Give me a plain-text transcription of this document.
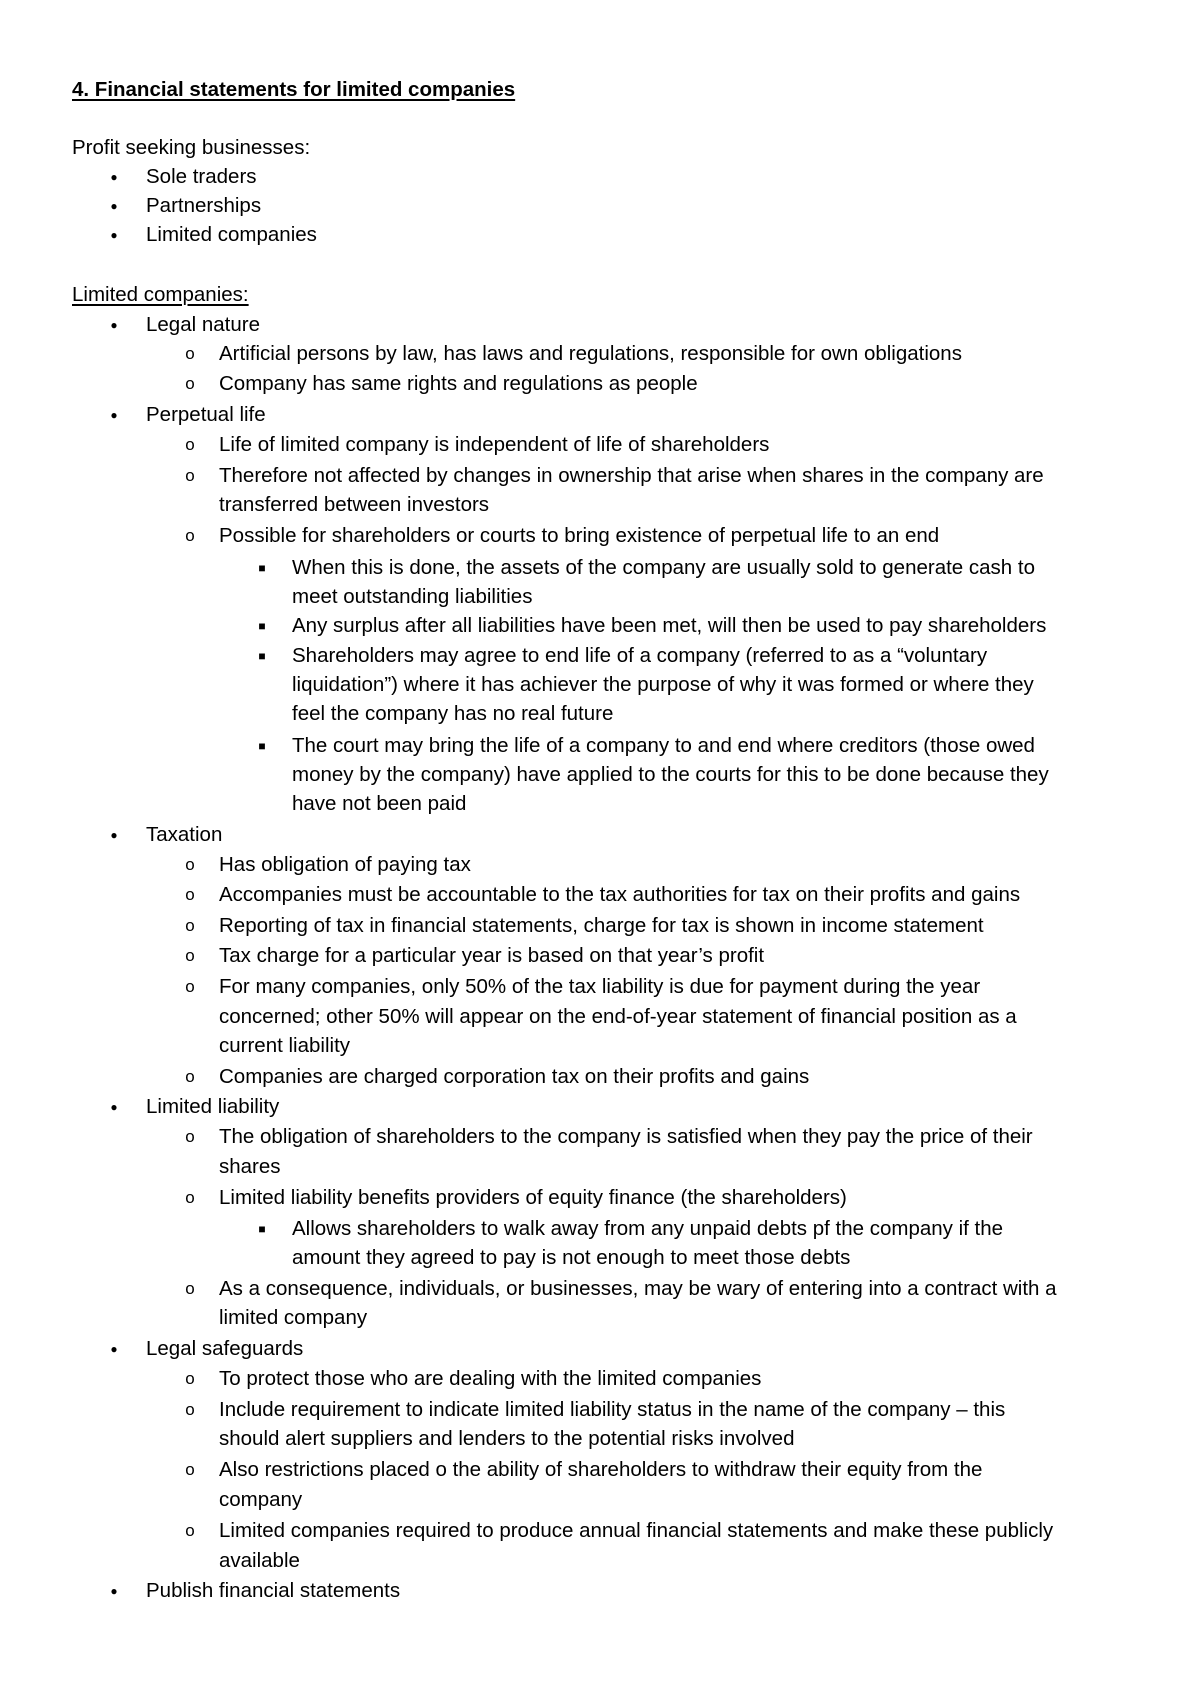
4. Financial statements for limited companies
Profit seeking businesses:
●	Sole traders
●	Partnerships
●	Limited companies
Limited companies:
●	Legal nature
o Artificial persons by law, has laws and regulations, responsible for own obligations
o Company has same rights and regulations as people
●	Perpetual life
o Life of limited company is independent of life of shareholders
o Therefore not affected by changes in ownership that arise when shares in the company are
transferred between investors
o Possible for shareholders or courts to bring existence of perpetual life to an end
■ When this is done, the assets of the company are usually sold to generate cash to
meet outstanding liabilities
■ Any surplus after all liabilities have been met, will then be used to pay shareholders
■ Shareholders may agree to end life of a company (referred to as a “voluntary
liquidation”) where it has achiever the purpose of why it was formed or where they
feel the company has no real future
■ The court may bring the life of a company to and end where creditors (those owed
money by the company) have applied to the courts for this to be done because they
have not been paid
●	Taxation
o Has obligation of paying tax
o Accompanies must be accountable to the tax authorities for tax on their profits and gains
o Reporting of tax in financial statements, charge for tax is shown in income statement
o Tax charge for a particular year is based on that year’s profit
o For many companies, only 50% of the tax liability is due for payment during the year
concerned; other 50% will appear on the end-of-year statement of financial position as a
current liability
o Companies are charged corporation tax on their profits and gains
●	Limited liability
o The obligation of shareholders to the company is satisfied when they pay the price of their
shares
o Limited liability benefits providers of equity finance (the shareholders)
■ Allows shareholders to walk away from any unpaid debts pf the company if the
amount they agreed to pay is not enough to meet those debts
o As a consequence, individuals, or businesses, may be wary of entering into a contract with a
limited company
●	Legal safeguards
o To protect those who are dealing with the limited companies
o Include requirement to indicate limited liability status in the name of the company – this
should alert suppliers and lenders to the potential risks involved
o Also restrictions placed o the ability of shareholders to withdraw their equity from the
company
o Limited companies required to produce annual financial statements and make these publicly
available
●	Publish financial statements
